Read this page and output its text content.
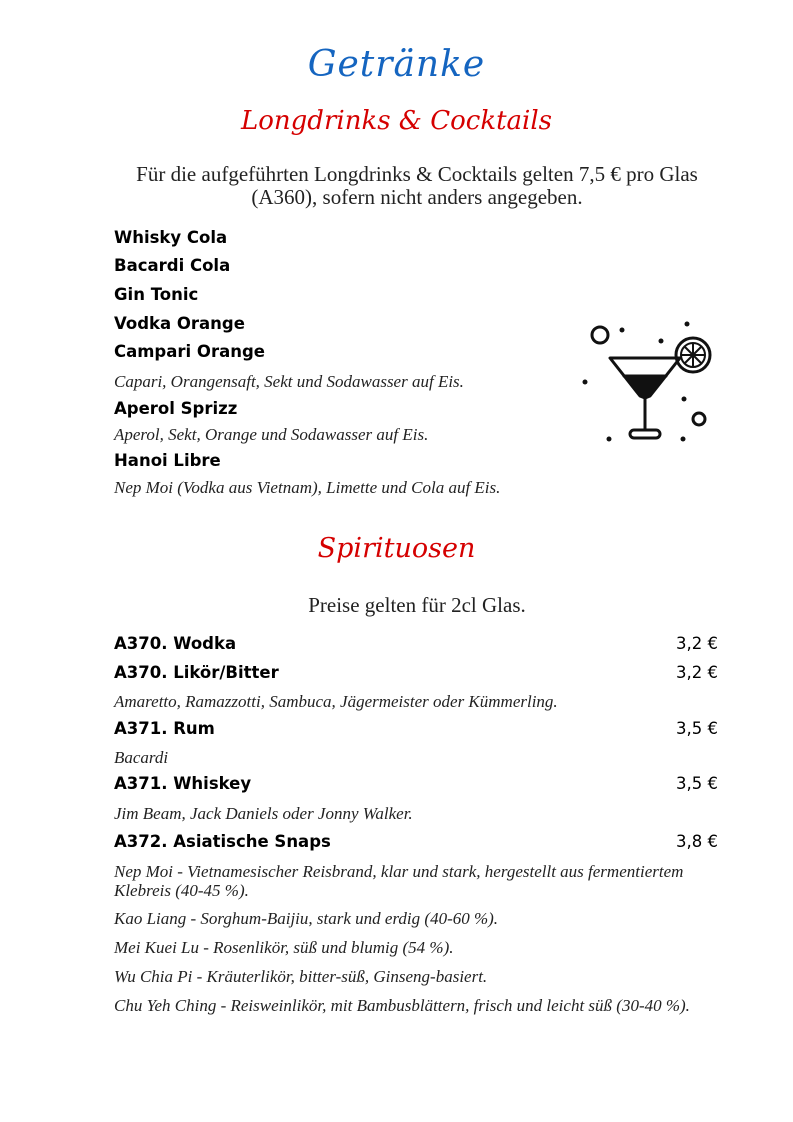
Getränke
Longdrinks & Cocktails
Für die aufgeführten Longdrinks & Cocktails gelten 7,5 € pro Glas (A360), sofern nicht anders angegeben.
Whisky Cola
Bacardi Cola
Gin Tonic
Vodka Orange
Campari Orange
Capari, Orangensaft, Sekt und Sodawasser auf Eis.
Aperol Sprizz
Aperol, Sekt, Orange und Sodawasser auf Eis.
Hanoi Libre
Nep Moi (Vodka aus Vietnam), Limette und Cola auf Eis.
Spirituosen
Preise gelten für 2cl Glas.
A370. Wodka	3,2 €
A370. Likör/Bitter	3,2 €
Amaretto, Ramazzotti, Sambuca, Jägermeister oder Kümmerling.
A371. Rum	3,5 €
Bacardi
A371. Whiskey	3,5 €
Jim Beam, Jack Daniels oder Jonny Walker.
A372. Asiatische Snaps	3,8 €
Nep Moi - Vietnamesischer Reisbrand, klar und stark, hergestellt aus fermentiertem Klebreis (40-45 %).
Kao Liang - Sorghum-Baijiu, stark und erdig (40-60 %).
Mei Kuei Lu - Rosenlikör, süß und blumig (54 %).
Wu Chia Pi - Kräuterlikör, bitter-süß, Ginseng-basiert.
Chu Yeh Ching - Reisweinlikör, mit Bambusblättern, frisch und leicht süß (30-40 %).
